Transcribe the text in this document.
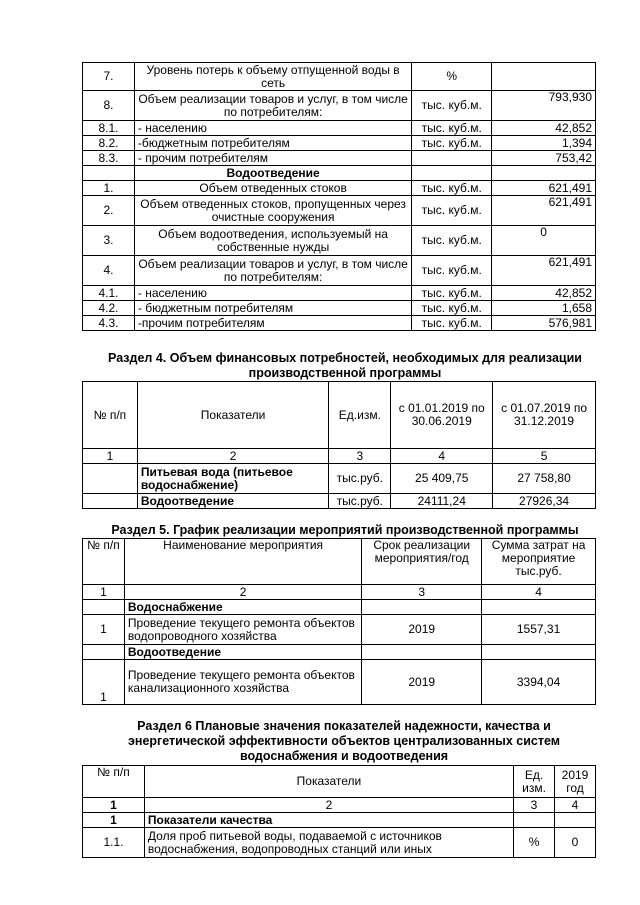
7.	Уровень потерь к объему отпущенной воды в сеть	%	
8.	Объем реализации товаров и услуг, в том числе по потребителям:	тыс. куб.м.	793,930
8.1.	- населению	тыс. куб.м.	42,852
8.2.	-бюджетным потребителям	тыс. куб.м.	1,394
8.3.	- прочим потребителям		753,42
	Водоотведение		
1.	Объем отведенных стоков	тыс. куб.м.	621,491
2.	Объем отведенных стоков, пропущенных через очистные сооружения	тыс. куб.м.	621,491
3.	Объем водоотведения, используемый на собственные нужды	тыс. куб.м.	0
4.	Объем реализации товаров и услуг, в том числе по потребителям:	тыс. куб.м.	621,491
4.1.	- населению	тыс. куб.м.	42,852
4.2.	- бюджетным потребителям	тыс. куб.м.	1,658
4.3.	-прочим потребителям	тыс. куб.м.	576,981
Раздел 4. Объем финансовых потребностей, необходимых для реализации производственной программы
№ п/п	Показатели	Ед.изм.	с 01.01.2019 по 30.06.2019	с 01.07.2019 по 31.12.2019
1	2	3	4	5
	Питьевая вода (питьевое водоснабжение)	тыс.руб.	25 409,75	27 758,80
	Водоотведение	тыс.руб.	24111,24	27926,34
Раздел 5. График реализации мероприятий производственной программы
№ п/п	Наименование мероприятия	Срок реализации мероприятия/год	Сумма затрат на мероприятие тыс.руб.
1	2	3	4
	Водоснабжение		
1	Проведение текущего ремонта объектов водопроводного хозяйства	2019	1557,31
	Водоотведение		
1	Проведение текущего ремонта объектов канализационного хозяйства	2019	3394,04
Раздел 6 Плановые значения показателей надежности, качества и энергетической эффективности объектов централизованных систем водоснабжения и водоотведения
№ п/п	Показатели	Ед. изм.	2019 год
1	2	3	4
1	Показатели качества		
1.1.	Доля проб питьевой воды, подаваемой с источников водоснабжения, водопроводных станций или иных	%	0
